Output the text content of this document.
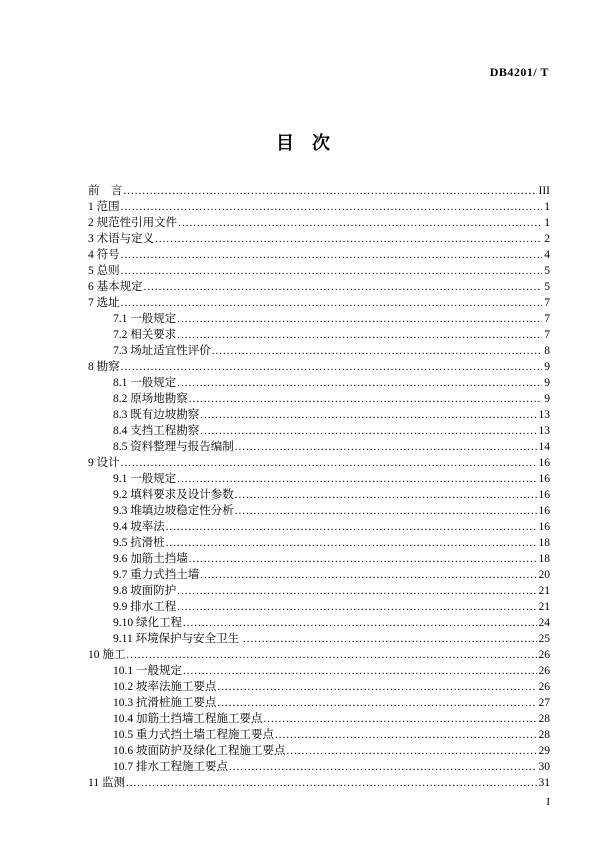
DB4201/ T
目　次
前　言 .....	III
1 范围 .....	1
2 规范性引用文件 .....	1
3 术语与定义 .....	2
4 符号 .....	4
5 总则 .....	5
6 基本规定 .....	5
7 选址 .....	7
7.1 一般规定 .....	7
7.2 相关要求 .....	7
7.3 场址适宜性评价 .....	8
8 勘察 .....	9
8.1 一般规定 .....	9
8.2 原场地勘察 .....	9
8.3 既有边坡勘察 .....	13
8.4 支挡工程勘察 .....	13
8.5 资料整理与报告编制 .....	14
9 设计 .....	16
9.1 一般规定 .....	16
9.2 填料要求及设计参数 .....	16
9.3 堆填边坡稳定性分析 .....	16
9.4 坡率法 .....	16
9.5 抗滑桩 .....	18
9.6 加筋土挡墙 .....	18
9.7 重力式挡土墙 .....	20
9.8 坡面防护 .....	21
9.9 排水工程 .....	21
9.10 绿化工程 .....	24
9.11 环境保护与安全卫生 .....	25
10 施工 .....	26
10.1 一般规定 .....	26
10.2 坡率法施工要点 .....	26
10.3 抗滑桩施工要点 .....	27
10.4 加筋土挡墙工程施工要点 .....	28
10.5 重力式挡土墙工程施工要点 .....	28
10.6 坡面防护及绿化工程施工要点 .....	29
10.7 排水工程施工要点 .....	30
11 监测 .....	31
I
